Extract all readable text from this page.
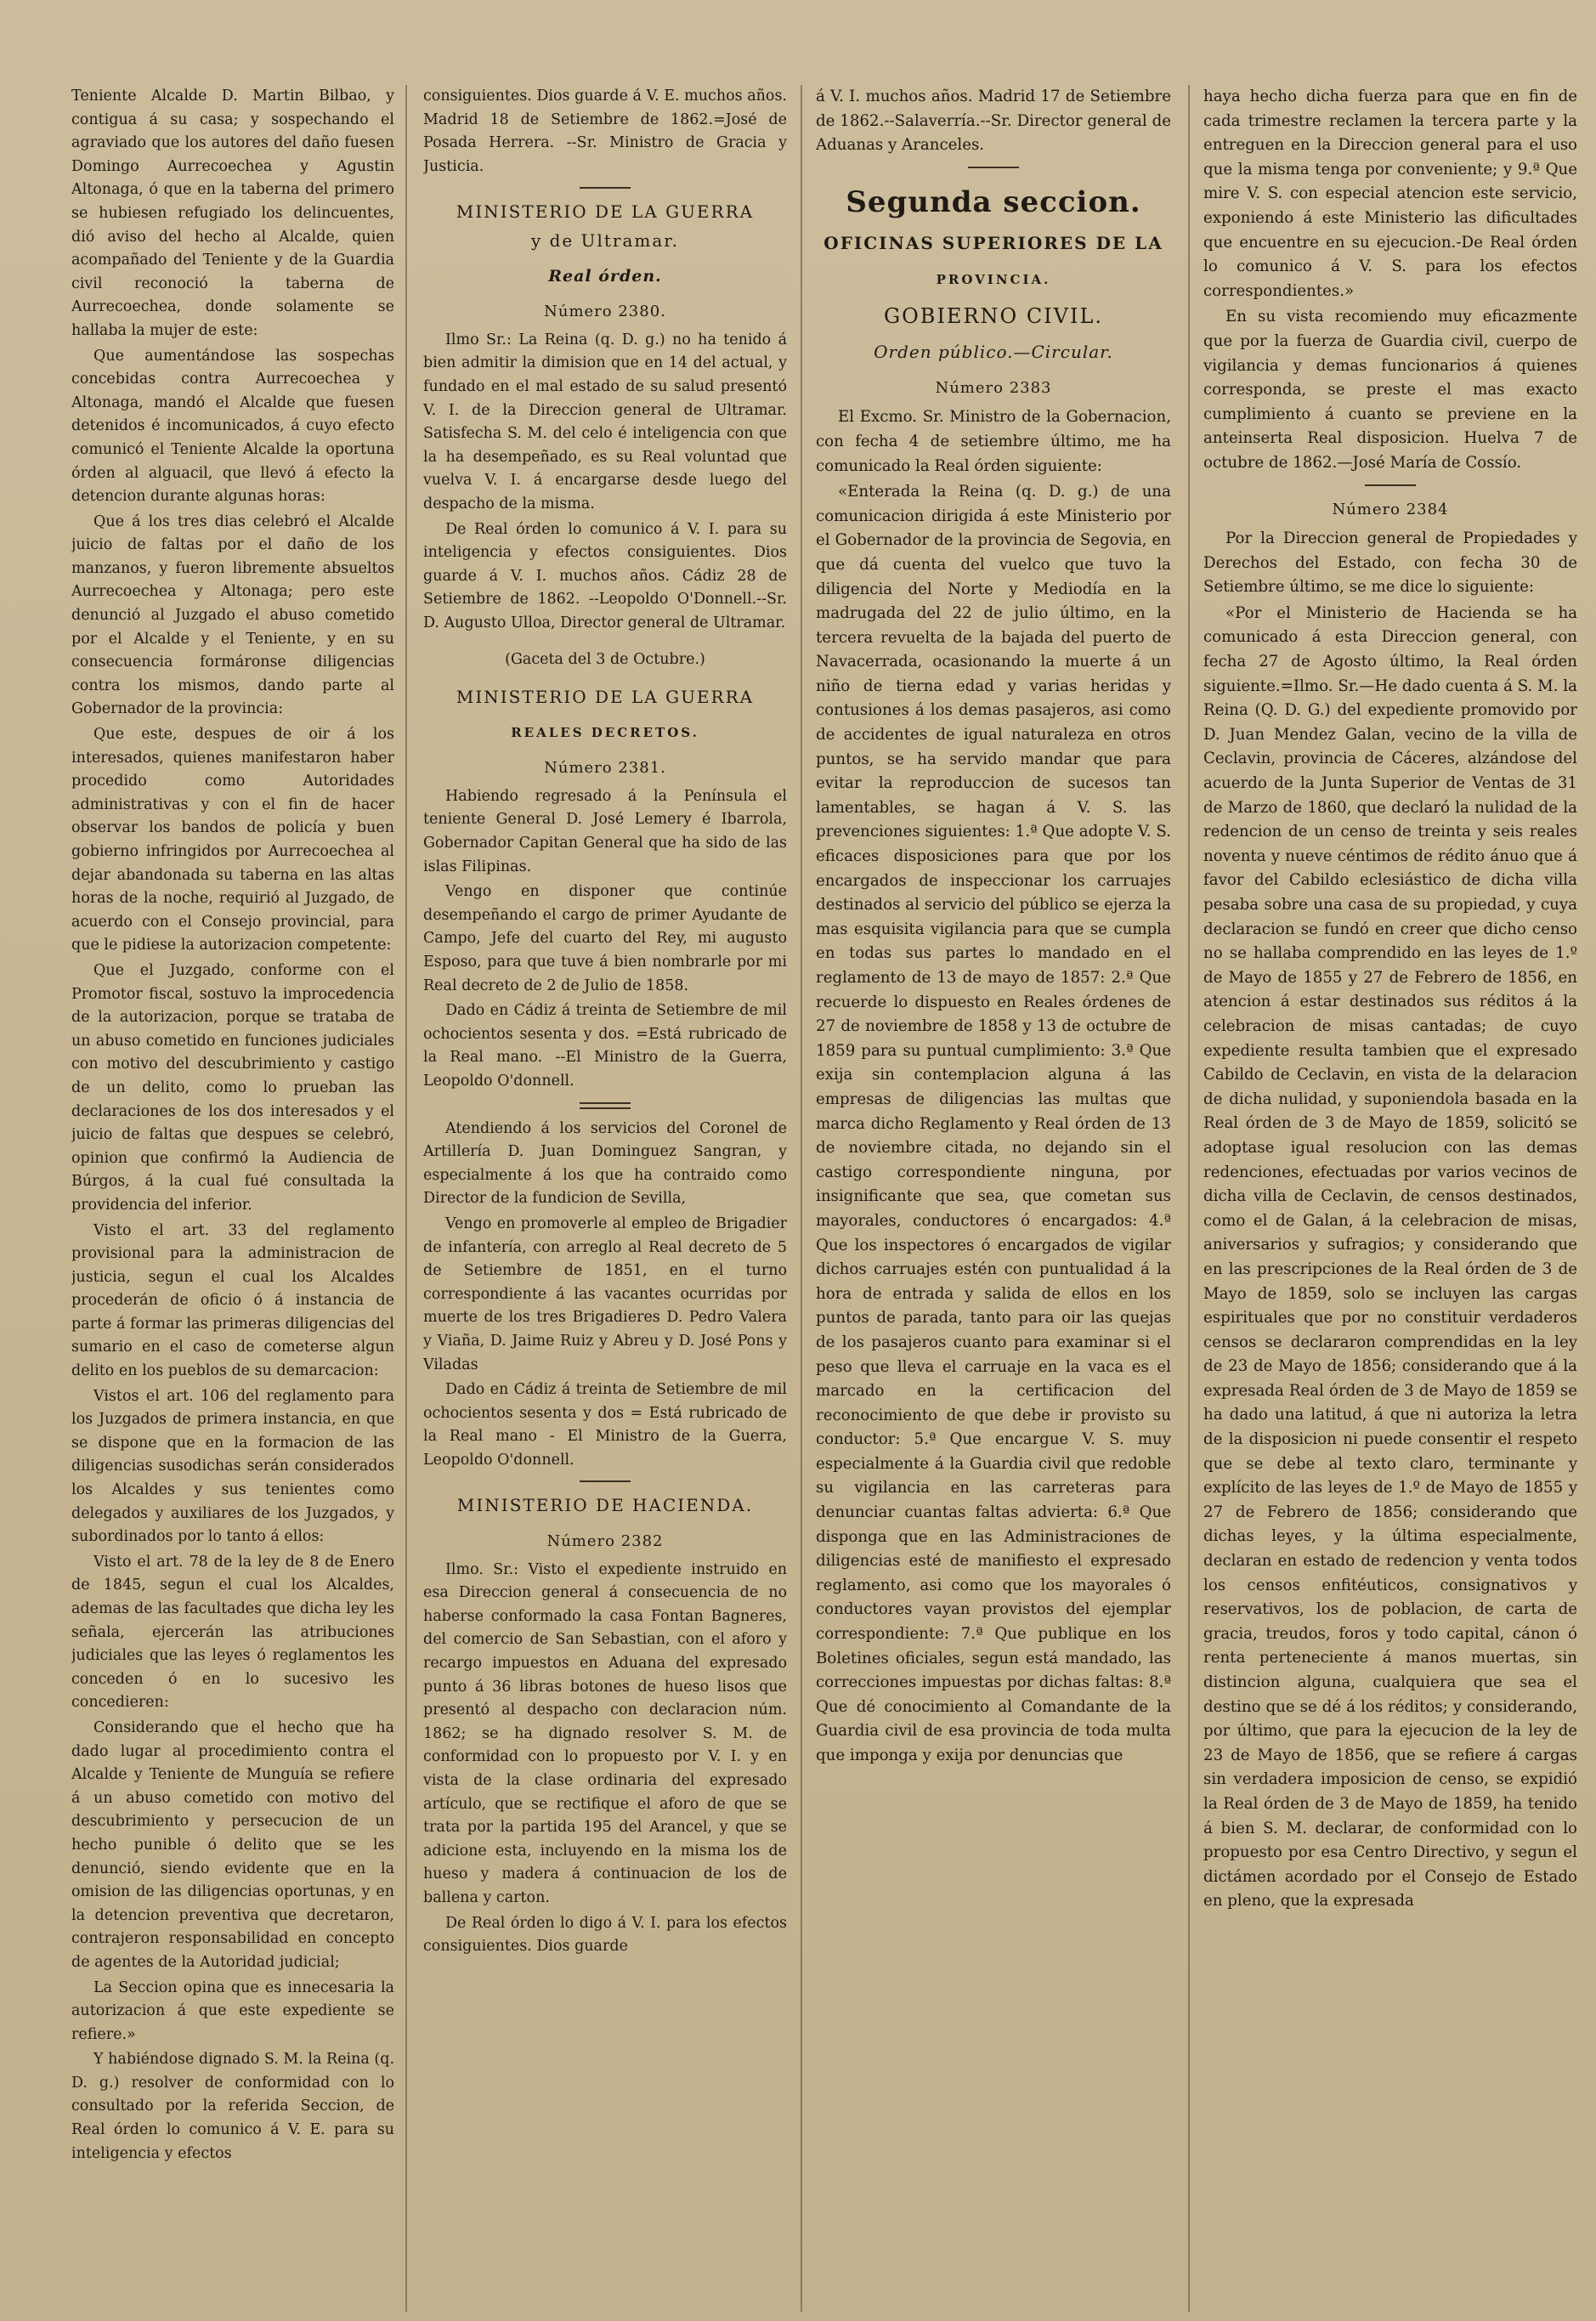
Teniente Alcalde D. Martin Bilbao, y contigua á su casa; y sospechando el agraviado que los autores del daño fuesen Domingo Aurrecoechea y Agustin Altonaga, ó que en la taberna del primero se hubiesen refugiado los delincuentes, dió aviso del hecho al Alcalde, quien acompañado del Teniente y de la Guardia civil reconoció la taberna de Aurrecoechea, donde solamente se hallaba la mujer de este:

Que aumentándose las sospechas concebidas contra Aurrecoechea y Altonaga, mandó el Alcalde que fuesen detenidos é incomunicados, á cuyo efecto comunicó el Teniente Alcalde la oportuna órden al alguacil, que llevó á efecto la detencion durante algunas horas:

Que á los tres dias celebró el Alcalde juicio de faltas por el daño de los manzanos, y fueron libremente absueltos Aurrecoechea y Altonaga; pero este denunció al Juzgado el abuso cometido por el Alcalde y el Teniente, y en su consecuencia formáronse diligencias contra los mismos, dando parte al Gobernador de la provincia:

Que este, despues de oir á los interesados, quienes manifestaron haber procedido como Autoridades administrativas y con el fin de hacer observar los bandos de policía y buen gobierno infringidos por Aurrecoechea al dejar abandonada su taberna en las altas horas de la noche, requirió al Juzgado, de acuerdo con el Consejo provincial, para que le pidiese la autorizacion competente:

Que el Juzgado, conforme con el Promotor fiscal, sostuvo la improcedencia de la autorizacion, porque se trataba de un abuso cometido en funciones judiciales con motivo del descubrimiento y castigo de un delito, como lo prueban las declaraciones de los dos interesados y el juicio de faltas que despues se celebró, opinion que confirmó la Audiencia de Búrgos, á la cual fué consultada la providencia del inferior.

Visto el art. 33 del reglamento provisional para la administracion de justicia, segun el cual los Alcaldes procederán de oficio ó á instancia de parte á formar las primeras diligencias del sumario en el caso de cometerse algun delito en los pueblos de su demarcacion:

Vistos el art. 106 del reglamento para los Juzgados de primera instancia, en que se dispone que en la formacion de las diligencias susodichas serán considerados los Alcaldes y sus tenientes como delegados y auxiliares de los Juzgados, y subordinados por lo tanto á ellos:

Visto el art. 78 de la ley de 8 de Enero de 1845, segun el cual los Alcaldes, ademas de las facultades que dicha ley les señala, ejercerán las atribuciones judiciales que las leyes ó reglamentos les conceden ó en lo sucesivo les concedieren:

Considerando que el hecho que ha dado lugar al procedimiento contra el Alcalde y Teniente de Munguía se refiere á un abuso cometido con motivo del descubrimiento y persecucion de un hecho punible ó delito que se les denunció, siendo evidente que en la omision de las diligencias oportunas, y en la detencion preventiva que decretaron, contrajeron responsabilidad en concepto de agentes de la Autoridad judicial;

La Seccion opina que es innecesaria la autorizacion á que este expediente se refiere.»

Y habiéndose dignado S. M. la Reina (q. D. g.) resolver de conformidad con lo consultado por la referida Seccion, de Real órden lo comunico á V. E. para su inteligencia y efectos

consiguientes. Dios guarde á V. E. muchos años. Madrid 18 de Setiembre de 1862.=José de Posada Herrera. --Sr. Ministro de Gracia y Justicia.

MINISTERIO DE LA GUERRA
y de Ultramar.
Real órden.
Número 2380.

Ilmo Sr.: La Reina (q. D. g.) no ha tenido á bien admitir la dimision que en 14 del actual, y fundado en el mal estado de su salud presentó V. I. de la Direccion general de Ultramar. Satisfecha S. M. del celo é inteligencia con que la ha desempeñado, es su Real voluntad que vuelva V. I. á encargarse desde luego del despacho de la misma.

De Real órden lo comunico á V. I. para su inteligencia y efectos consiguientes. Dios guarde á V. I. muchos años. Cádiz 28 de Setiembre de 1862. --Leopoldo O'Donnell.--Sr. D. Augusto Ulloa, Director general de Ultramar.

(Gaceta del 3 de Octubre.)
MINISTERIO DE LA GUERRA
REALES DECRETOS.
Número 2381.

Habiendo regresado á la Península el teniente General D. José Lemery é Ibarrola, Gobernador Capitan General que ha sido de las islas Filipinas.

Vengo en disponer que continúe desempeñando el cargo de primer Ayudante de Campo, Jefe del cuarto del Rey, mi augusto Esposo, para que tuve á bien nombrarle por mi Real decreto de 2 de Julio de 1858.

Dado en Cádiz á treinta de Setiembre de mil ochocientos sesenta y dos. =Está rubricado de la Real mano. --El Ministro de la Guerra, Leopoldo O'donnell.

Atendiendo á los servicios del Coronel de Artillería D. Juan Dominguez Sangran, y especialmente á los que ha contraido como Director de la fundicion de Sevilla,

Vengo en promoverle al empleo de Brigadier de infantería, con arreglo al Real decreto de 5 de Setiembre de 1851, en el turno correspondiente á las vacantes ocurridas por muerte de los tres Brigadieres D. Pedro Valera y Viaña, D. Jaime Ruiz y Abreu y D. José Pons y Viladas

Dado en Cádiz á treinta de Setiembre de mil ochocientos sesenta y dos = Está rubricado de la Real mano - El Ministro de la Guerra, Leopoldo O'donnell.

MINISTERIO DE HACIENDA.
Número 2382

Ilmo. Sr.: Visto el expediente instruido en esa Direccion general á consecuencia de no haberse conformado la casa Fontan Bagneres, del comercio de San Sebastian, con el aforo y recargo impuestos en Aduana del expresado punto á 36 libras botones de hueso lisos que presentó al despacho con declaracion núm. 1862; se ha dignado resolver S. M. de conformidad con lo propuesto por V. I. y en vista de la clase ordinaria del expresado artículo, que se rectifique el aforo de que se trata por la partida 195 del Arancel, y que se adicione esta, incluyendo en la misma los de hueso y madera á continuacion de los de ballena y carton.

De Real órden lo digo á V. I. para los efectos consiguientes. Dios guarde

á V. I. muchos años. Madrid 17 de Setiembre de 1862.--Salaverría.--Sr. Director general de Aduanas y Aranceles.

Segunda seccion.
OFICINAS SUPERIORES DE LA
PROVINCIA.
GOBIERNO CIVIL.
Orden público.—Circular.
Número 2383

El Excmo. Sr. Ministro de la Gobernacion, con fecha 4 de setiembre último, me ha comunicado la Real órden siguiente:

«Enterada la Reina (q. D. g.) de una comunicacion dirigida á este Ministerio por el Gobernador de la provincia de Segovia, en que dá cuenta del vuelco que tuvo la diligencia del Norte y Mediodía en la madrugada del 22 de julio último, en la tercera revuelta de la bajada del puerto de Navacerrada, ocasionando la muerte á un niño de tierna edad y varias heridas y contusiones á los demas pasajeros, asi como de accidentes de igual naturaleza en otros puntos, se ha servido mandar que para evitar la reproduccion de sucesos tan lamentables, se hagan á V. S. las prevenciones siguientes: 1.ª Que adopte V. S. eficaces disposiciones para que por los encargados de inspeccionar los carruajes destinados al servicio del público se ejerza la mas esquisita vigilancia para que se cumpla en todas sus partes lo mandado en el reglamento de 13 de mayo de 1857: 2.ª Que recuerde lo dispuesto en Reales órdenes de 27 de noviembre de 1858 y 13 de octubre de 1859 para su puntual cumplimiento: 3.ª Que exija sin contemplacion alguna á las empresas de diligencias las multas que marca dicho Reglamento y Real órden de 13 de noviembre citada, no dejando sin el castigo correspondiente ninguna, por insignificante que sea, que cometan sus mayorales, conductores ó encargados: 4.ª Que los inspectores ó encargados de vigilar dichos carruajes estén con puntualidad á la hora de entrada y salida de ellos en los puntos de parada, tanto para oir las quejas de los pasajeros cuanto para examinar si el peso que lleva el carruaje en la vaca es el marcado en la certificacion del reconocimiento de que debe ir provisto su conductor: 5.ª Que encargue V. S. muy especialmente á la Guardia civil que redoble su vigilancia en las carreteras para denunciar cuantas faltas advierta: 6.ª Que disponga que en las Administraciones de diligencias esté de manifiesto el expresado reglamento, asi como que los mayorales ó conductores vayan provistos del ejemplar correspondiente: 7.ª Que publique en los Boletines oficiales, segun está mandado, las correcciones impuestas por dichas faltas: 8.ª Que dé conocimiento al Comandante de la Guardia civil de esa provincia de toda multa que imponga y exija por denuncias que

haya hecho dicha fuerza para que en fin de cada trimestre reclamen la tercera parte y la entreguen en la Direccion general para el uso que la misma tenga por conveniente; y 9.ª Que mire V. S. con especial atencion este servicio, exponiendo á este Ministerio las dificultades que encuentre en su ejecucion.-De Real órden lo comunico á V. S. para los efectos correspondientes.»

En su vista recomiendo muy eficazmente que por la fuerza de Guardia civil, cuerpo de vigilancia y demas funcionarios á quienes corresponda, se preste el mas exacto cumplimiento á cuanto se previene en la anteinserta Real disposicion. Huelva 7 de octubre de 1862.—José María de Cossío.

Número 2384

Por la Direccion general de Propiedades y Derechos del Estado, con fecha 30 de Setiembre último, se me dice lo siguiente:

«Por el Ministerio de Hacienda se ha comunicado á esta Direccion general, con fecha 27 de Agosto último, la Real órden siguiente.=Ilmo. Sr.—He dado cuenta á S. M. la Reina (Q. D. G.) del expediente promovido por D. Juan Mendez Galan, vecino de la villa de Ceclavin, provincia de Cáceres, alzándose del acuerdo de la Junta Superior de Ventas de 31 de Marzo de 1860, que declaró la nulidad de la redencion de un censo de treinta y seis reales noventa y nueve céntimos de rédito ánuo que á favor del Cabildo eclesiástico de dicha villa pesaba sobre una casa de su propiedad, y cuya declaracion se fundó en creer que dicho censo no se hallaba comprendido en las leyes de 1.º de Mayo de 1855 y 27 de Febrero de 1856, en atencion á estar destinados sus réditos á la celebracion de misas cantadas; de cuyo expediente resulta tambien que el expresado Cabildo de Ceclavin, en vista de la delaracion de dicha nulidad, y suponiendola basada en la Real órden de 3 de Mayo de 1859, solicitó se adoptase igual resolucion con las demas redenciones, efectuadas por varios vecinos de dicha villa de Ceclavin, de censos destinados, como el de Galan, á la celebracion de misas, aniversarios y sufragios; y considerando que en las prescripciones de la Real órden de 3 de Mayo de 1859, solo se incluyen las cargas espirituales que por no constituir verdaderos censos se declararon comprendidas en la ley de 23 de Mayo de 1856; considerando que á la expresada Real órden de 3 de Mayo de 1859 se ha dado una latitud, á que ni autoriza la letra de la disposicion ni puede consentir el respeto que se debe al texto claro, terminante y explícito de las leyes de 1.º de Mayo de 1855 y 27 de Febrero de 1856; considerando que dichas leyes, y la última especialmente, declaran en estado de redencion y venta todos los censos enfitéuticos, consignativos y reservativos, los de poblacion, de carta de gracia, treudos, foros y todo capital, cánon ó renta perteneciente á manos muertas, sin distincion alguna, cualquiera que sea el destino que se dé á los réditos; y considerando, por último, que para la ejecucion de la ley de 23 de Mayo de 1856, que se refiere á cargas sin verdadera imposicion de censo, se expidió la Real órden de 3 de Mayo de 1859, ha tenido á bien S. M. declarar, de conformidad con lo propuesto por esa Centro Directivo, y segun el dictámen acordado por el Consejo de Estado en pleno, que la expresada
